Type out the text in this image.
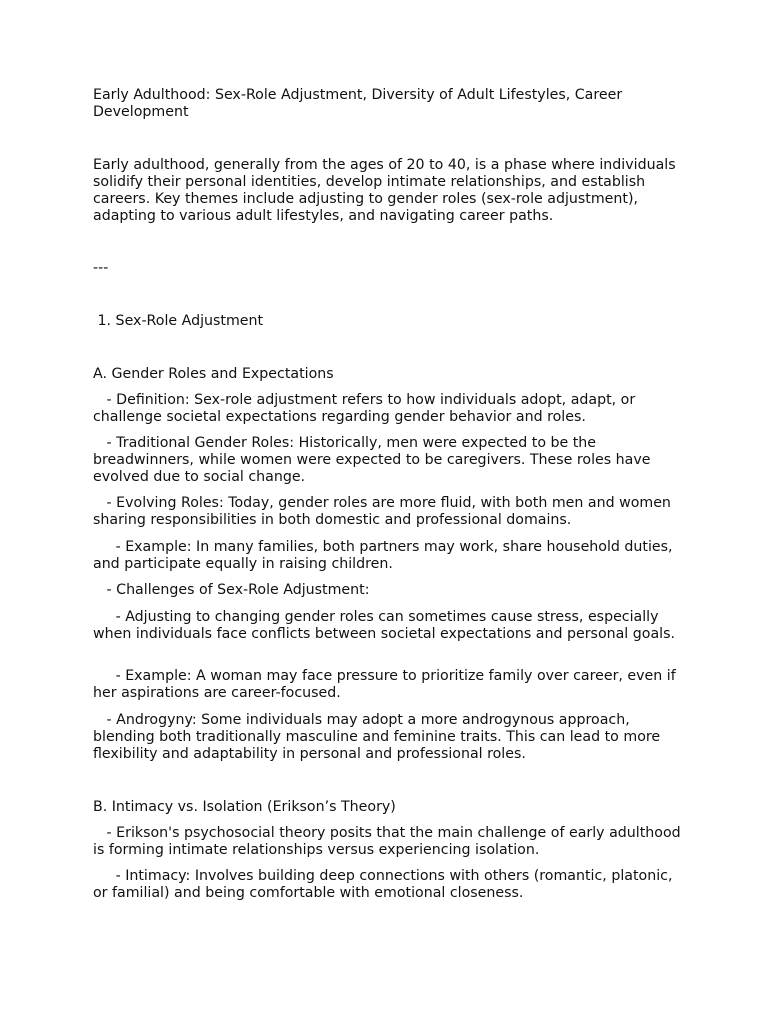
Early Adulthood: Sex-Role Adjustment, Diversity of Adult Lifestyles, Career Development

Early adulthood, generally from the ages of 20 to 40, is a phase where individuals solidify their personal identities, develop intimate relationships, and establish careers. Key themes include adjusting to gender roles (sex-role adjustment), adapting to various adult lifestyles, and navigating career paths.

---

1. Sex-Role Adjustment

A. Gender Roles and Expectations

- Definition: Sex-role adjustment refers to how individuals adopt, adapt, or challenge societal expectations regarding gender behavior and roles.

- Traditional Gender Roles: Historically, men were expected to be the breadwinners, while women were expected to be caregivers. These roles have evolved due to social change.

- Evolving Roles: Today, gender roles are more fluid, with both men and women sharing responsibilities in both domestic and professional domains.

- Example: In many families, both partners may work, share household duties, and participate equally in raising children.

- Challenges of Sex-Role Adjustment:

- Adjusting to changing gender roles can sometimes cause stress, especially when individuals face conflicts between societal expectations and personal goals.

- Example: A woman may face pressure to prioritize family over career, even if her aspirations are career-focused.

- Androgyny: Some individuals may adopt a more androgynous approach, blending both traditionally masculine and feminine traits. This can lead to more flexibility and adaptability in personal and professional roles.

B. Intimacy vs. Isolation (Erikson’s Theory)

- Erikson's psychosocial theory posits that the main challenge of early adulthood is forming intimate relationships versus experiencing isolation.

- Intimacy: Involves building deep connections with others (romantic, platonic, or familial) and being comfortable with emotional closeness.
